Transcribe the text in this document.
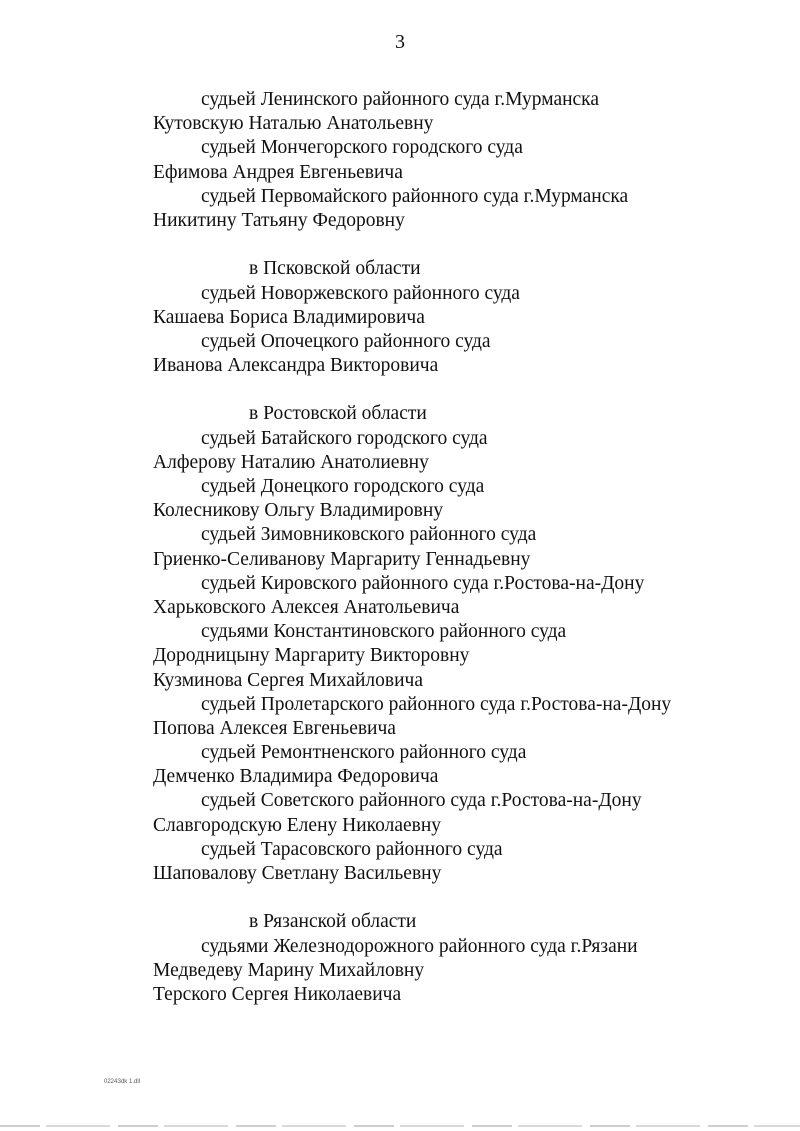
3
судьей Ленинского районного суда г.Мурманска
Кутовскую Наталью Анатольевну
судьей Мончегорского городского суда
Ефимова Андрея Евгеньевича
судьей Первомайского районного суда г.Мурманска
Никитину Татьяну Федоровну
в Псковской области
судьей Новоржевского районного суда
Кашаева Бориса Владимировича
судьей Опочецкого районного суда
Иванова Александра Викторовича
в Ростовской области
судьей Батайского городского суда
Алферову Наталию Анатолиевну
судьей Донецкого городского суда
Колесникову Ольгу Владимировну
судьей Зимовниковского районного суда
Гриенко-Селиванову Маргариту Геннадьевну
судьей Кировского районного суда г.Ростова-на-Дону
Харьковского Алексея Анатольевича
судьями Константиновского районного суда
Дородницыну Маргариту Викторовну
Кузминова Сергея Михайловича
судьей Пролетарского районного суда г.Ростова-на-Дону
Попова Алексея Евгеньевича
судьей Ремонтненского районного суда
Демченко Владимира Федоровича
судьей Советского районного суда г.Ростова-на-Дону
Славгородскую Елену Николаевну
судьей Тарасовского районного суда
Шаповалову Светлану Васильевну
в Рязанской области
судьями Железнодорожного районного суда г.Рязани
Медведеву Марину Михайловну
Терского Сергея Николаевича
0224Зdk 1.dll
